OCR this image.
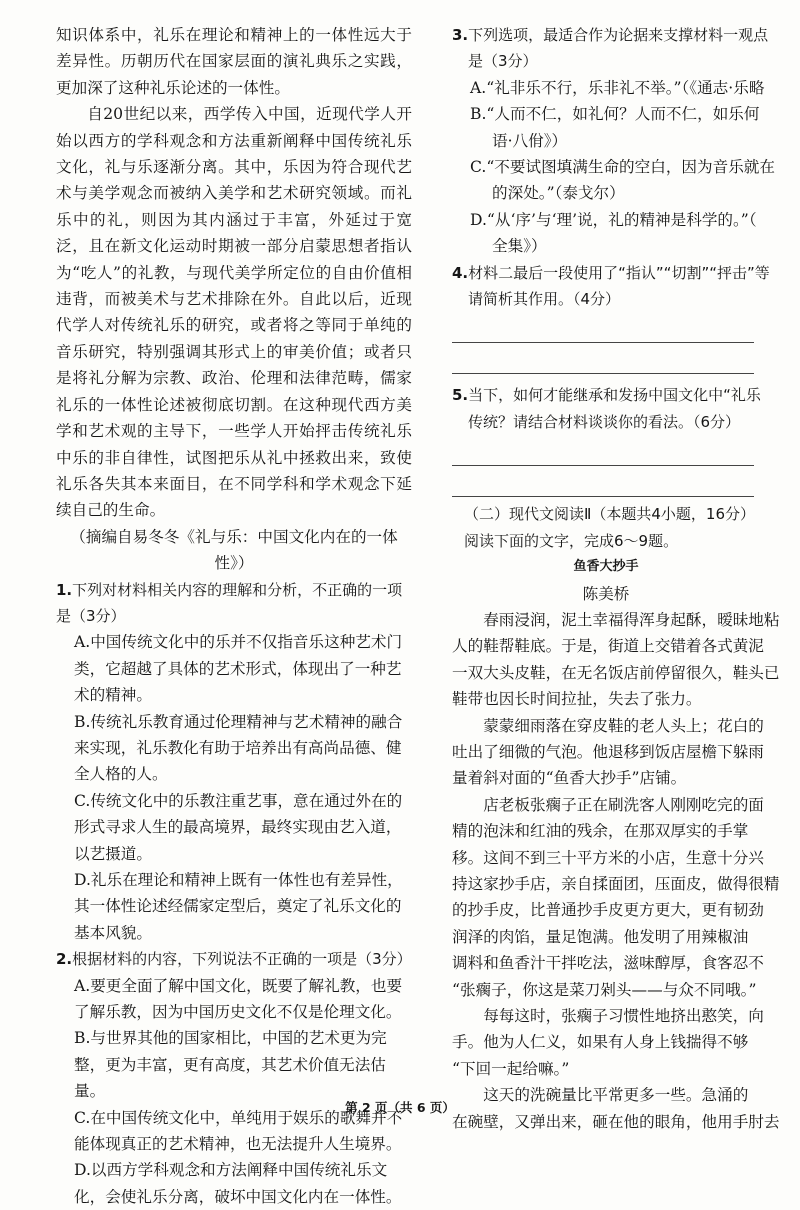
知识体系中，礼乐在理论和精神上的一体性远大于差异性。历朝历代在国家层面的演礼典乐之实践，更加深了这种礼乐论述的一体性。

自20世纪以来，西学传入中国，近现代学人开始以西方的学科观念和方法重新阐释中国传统礼乐文化，礼与乐逐渐分离。其中，乐因为符合现代艺术与美学观念而被纳入美学和艺术研究领域。而礼乐中的礼，则因为其内涵过于丰富，外延过于宽泛，且在新文化运动时期被一部分启蒙思想者指认为“吃人”的礼教，与现代美学所定位的自由价值相违背，而被美术与艺术排除在外。自此以后，近现代学人对传统礼乐的研究，或者将之等同于单纯的音乐研究，特别强调其形式上的审美价值；或者只是将礼分解为宗教、政治、伦理和法律范畴，儒家礼乐的一体性论述被彻底切割。在这种现代西方美学和艺术观的主导下，一些学人开始抨击传统礼乐中乐的非自律性，试图把乐从礼中拯救出来，致使礼乐各失其本来面目，在不同学科和学术观念下延续自己的生命。

（摘编自易冬冬《礼与乐：中国文化内在的一体性》）

1.下列对材料相关内容的理解和分析，不正确的一项是（3分）

A.中国传统文化中的乐并不仅指音乐这种艺术门类，它超越了具体的艺术形式，体现出了一种艺术的精神。

B.传统礼乐教育通过伦理精神与艺术精神的融合来实现，礼乐教化有助于培养出有高尚品德、健全人格的人。

C.传统文化中的乐教注重艺事，意在通过外在的形式寻求人生的最高境界，最终实现由艺入道，以艺摄道。

D.礼乐在理论和精神上既有一体性也有差异性，其一体性论述经儒家定型后，奠定了礼乐文化的基本风貌。

2.根据材料的内容，下列说法不正确的一项是（3分）

A.要更全面了解中国文化，既要了解礼教，也要了解乐教，因为中国历史文化不仅是伦理文化。

B.与世界其他的国家相比，中国的艺术更为完整，更为丰富，更有高度，其艺术价值无法估量。

C.在中国传统文化中，单纯用于娱乐的歌舞并不能体现真正的艺术精神，也无法提升人生境界。

D.以西方学科观念和方法阐释中国传统礼乐文化，会使礼乐分离，破坏中国文化内在一体性。

3.下列选项，最适合作为论据来支撑材料一观点

是（3分）

A.“礼非乐不行，乐非礼不举。”（《通志·乐略

B.“人而不仁，如礼何？人而不仁，如乐何

语·八佾》）

C.“不要试图填满生命的空白，因为音乐就在

的深处。”（泰戈尔）

D.“从‘序’与‘理’说，礼的精神是科学的。”（

全集》）

4.材料二最后一段使用了“指认”“切割”“抨击”等

请简析其作用。（4分）

5.当下，如何才能继承和发扬中国文化中“礼乐

传统？请结合材料谈谈你的看法。（6分）

（二）现代文阅读Ⅱ（本题共4小题，16分）

阅读下面的文字，完成6～9题。

鱼香大抄手

陈美桥

春雨浸润，泥土幸福得浑身起酥，暧昧地粘
人的鞋帮鞋底。于是，街道上交错着各式黄泥
一双大头皮鞋，在无名饭店前停留很久，鞋头已
鞋带也因长时间拉扯，失去了张力。
蒙蒙细雨落在穿皮鞋的老人头上；花白的
吐出了细微的气泡。他退移到饭店屋檐下躲雨
量着斜对面的“鱼香大抄手”店铺。
店老板张瘸子正在刷洗客人刚刚吃完的面
精的泡沫和红油的残余，在那双厚实的手掌
移。这间不到三十平方米的小店，生意十分兴
持这家抄手店，亲自揉面团，压面皮，做得很精
的抄手皮，比普通抄手皮更方更大，更有韧劲
润泽的肉馅，量足饱满。他发明了用辣椒油
调料和鱼香汁干拌吃法，滋味醇厚，食客忍不
“张瘸子，你这是菜刀剁头——与众不同哦。”
每每这时，张瘸子习惯性地挤出憨笑，向
手。他为人仁义，如果有人身上钱揣得不够
“下回一起给嘛。”
这天的洗碗量比平常更多一些。急涌的
在碗壁，又弹出来，砸在他的眼角，他用手肘去
第 2 页（共 6 页）
